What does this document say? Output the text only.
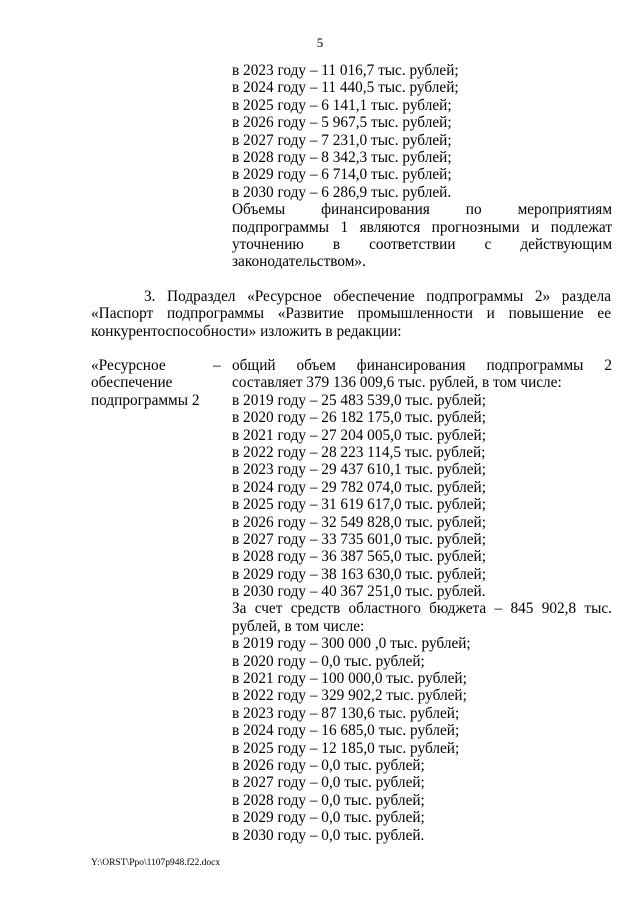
5
в 2023 году – 11 016,7 тыс. рублей;
в 2024 году – 11 440,5 тыс. рублей;
в 2025 году – 6 141,1 тыс. рублей;
в 2026 году – 5 967,5 тыс. рублей;
в 2027 году – 7 231,0 тыс. рублей;
в 2028 году – 8 342,3 тыс. рублей;
в 2029 году – 6 714,0 тыс. рублей;
в 2030 году – 6 286,9 тыс. рублей.
Объемы финансирования по мероприятиям
подпрограммы 1 являются прогнозными и подлежат
уточнению в соответствии с действующим
законодательством».
3. Подраздел «Ресурсное обеспечение подпрограммы 2» раздела
«Паспорт подпрограммы «Развитие промышленности и повышение ее
конкурентоспособности» изложить в редакции:
«Ресурсное
обеспечение
подпрограммы 2
– общий объем финансирования подпрограммы 2
составляет 379 136 009,6 тыс. рублей, в том числе:
в 2019 году – 25 483 539,0 тыс. рублей;
в 2020 году – 26 182 175,0 тыс. рублей;
в 2021 году – 27 204 005,0 тыс. рублей;
в 2022 году – 28 223 114,5 тыс. рублей;
в 2023 году – 29 437 610,1 тыс. рублей;
в 2024 году – 29 782 074,0 тыс. рублей;
в 2025 году – 31 619 617,0 тыс. рублей;
в 2026 году – 32 549 828,0 тыс. рублей;
в 2027 году – 33 735 601,0 тыс. рублей;
в 2028 году – 36 387 565,0 тыс. рублей;
в 2029 году – 38 163 630,0 тыс. рублей;
в 2030 году – 40 367 251,0 тыс. рублей.
За счет средств областного бюджета – 845 902,8 тыс.
рублей, в том числе:
в 2019 году – 300 000 ,0 тыс. рублей;
в 2020 году – 0,0 тыс. рублей;
в 2021 году – 100 000,0 тыс. рублей;
в 2022 году – 329 902,2 тыс. рублей;
в 2023 году – 87 130,6 тыс. рублей;
в 2024 году – 16 685,0 тыс. рублей;
в 2025 году – 12 185,0 тыс. рублей;
в 2026 году – 0,0 тыс. рублей;
в 2027 году – 0,0 тыс. рублей;
в 2028 году – 0,0 тыс. рублей;
в 2029 году – 0,0 тыс. рублей;
в 2030 году – 0,0 тыс. рублей.
Y:\ORST\Ppo\1107p948.f22.docx
